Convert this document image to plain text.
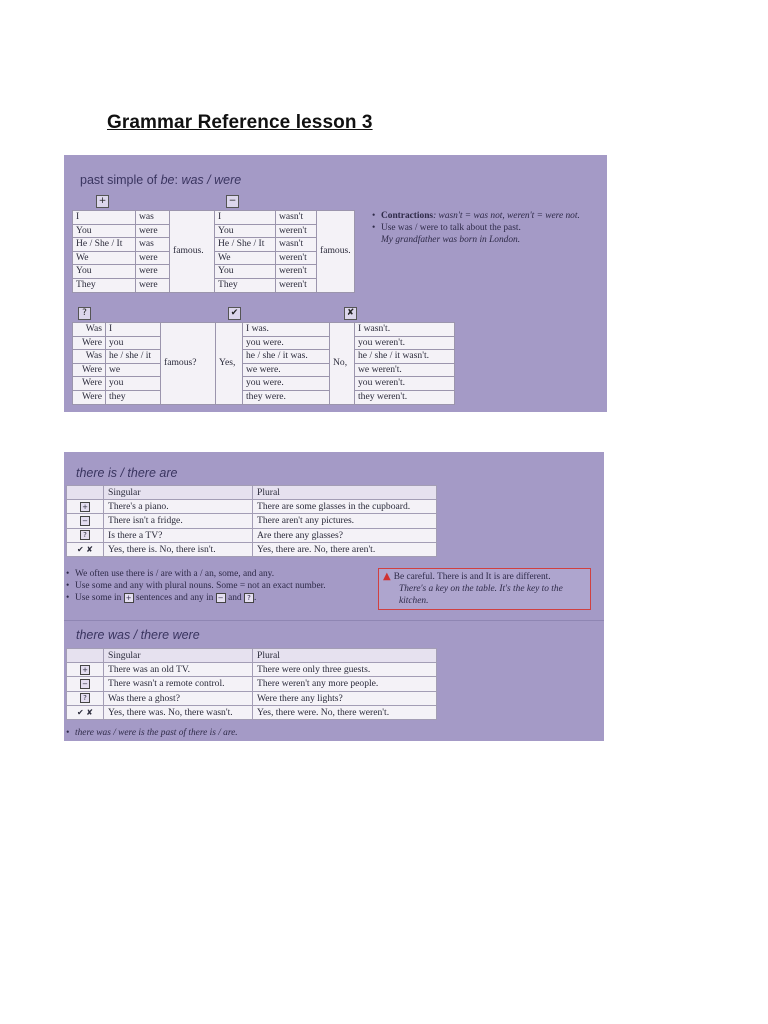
Grammar Reference lesson 3
past simple of be: was / were
+	−
I	was	famous.	I	wasn't	famous.
You	were		You	weren't	
He / She / It	was		He / She / It	wasn't	
We	were		We	weren't	
You	were		You	weren't	
They	were		They	weren't	
• Contractions: wasn't = was not, weren't = were not.
• Use was / were to talk about the past.
My grandfather was born in London.
?	✔	✘
Was	I	famous?	Yes,	I was.	No,	I wasn't.
Were	you			you were.		you weren't.
Was	he / she / it			he / she / it was.		he / she / it wasn't.
Were	we			we were.		we weren't.
Were	you			you were.		you weren't.
Were	they			they were.		they weren't.
there is / there are
	Singular	Plural
+	There's a piano.	There are some glasses in the cupboard.
−	There isn't a fridge.	There aren't any pictures.
?	Is there a TV?	Are there any glasses?
✔ ✘	Yes, there is. No, there isn't.	Yes, there are. No, there aren't.
• We often use there is / are with a / an, some, and any.
• Use some and any with plural nouns. Some = not an exact number.
• Use some in + sentences and any in − and ? .
▲ Be careful. There is and It is are different.
There's a key on the table. It's the key to the
kitchen.
there was / there were
	Singular	Plural
+	There was an old TV.	There were only three guests.
−	There wasn't a remote control.	There weren't any more people.
?	Was there a ghost?	Were there any lights?
✔ ✘	Yes, there was. No, there wasn't.	Yes, there were. No, there weren't.
• there was / were is the past of there is / are.
